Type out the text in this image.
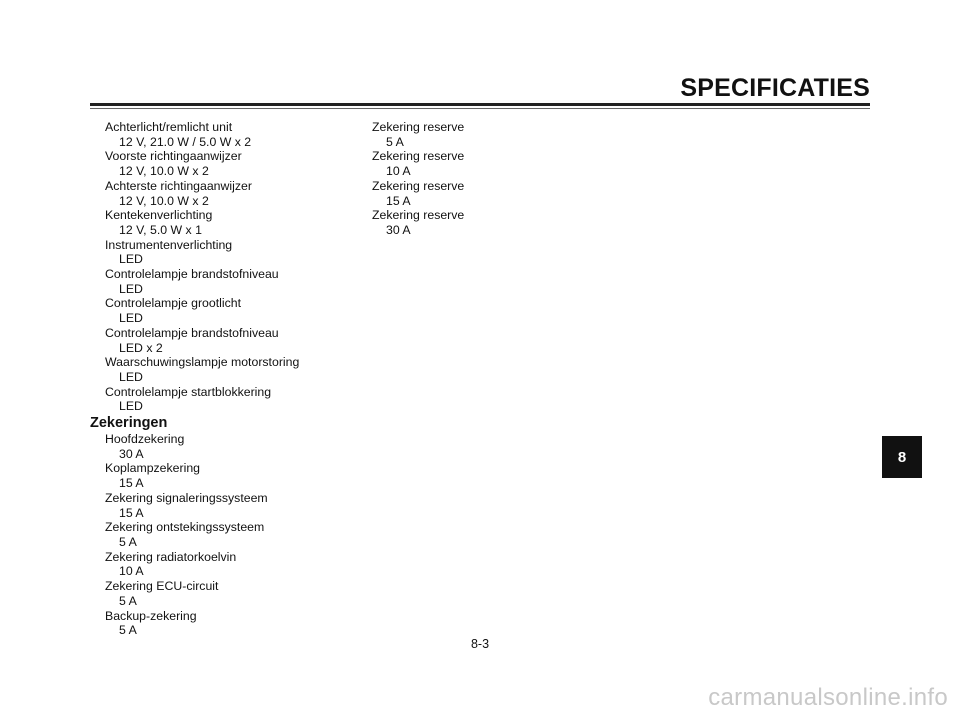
SPECIFICATIES
Achterlicht/remlicht unit
12 V, 21.0 W / 5.0 W x 2
Voorste richtingaanwijzer
12 V, 10.0 W x 2
Achterste richtingaanwijzer
12 V, 10.0 W x 2
Kentekenverlichting
12 V, 5.0 W x 1
Instrumentenverlichting
LED
Controlelampje brandstofniveau
LED
Controlelampje grootlicht
LED
Controlelampje brandstofniveau
LED x 2
Waarschuwingslampje motorstoring
LED
Controlelampje startblokkering
LED
Zekeringen
Hoofdzekering
30 A
Koplampzekering
15 A
Zekering signaleringssysteem
15 A
Zekering ontstekingssysteem
5 A
Zekering radiatorkoelvin
10 A
Zekering ECU-circuit
5 A
Backup-zekering
5 A
Zekering reserve
5 A
Zekering reserve
10 A
Zekering reserve
15 A
Zekering reserve
30 A
8
8-3
carmanualsonline.info
